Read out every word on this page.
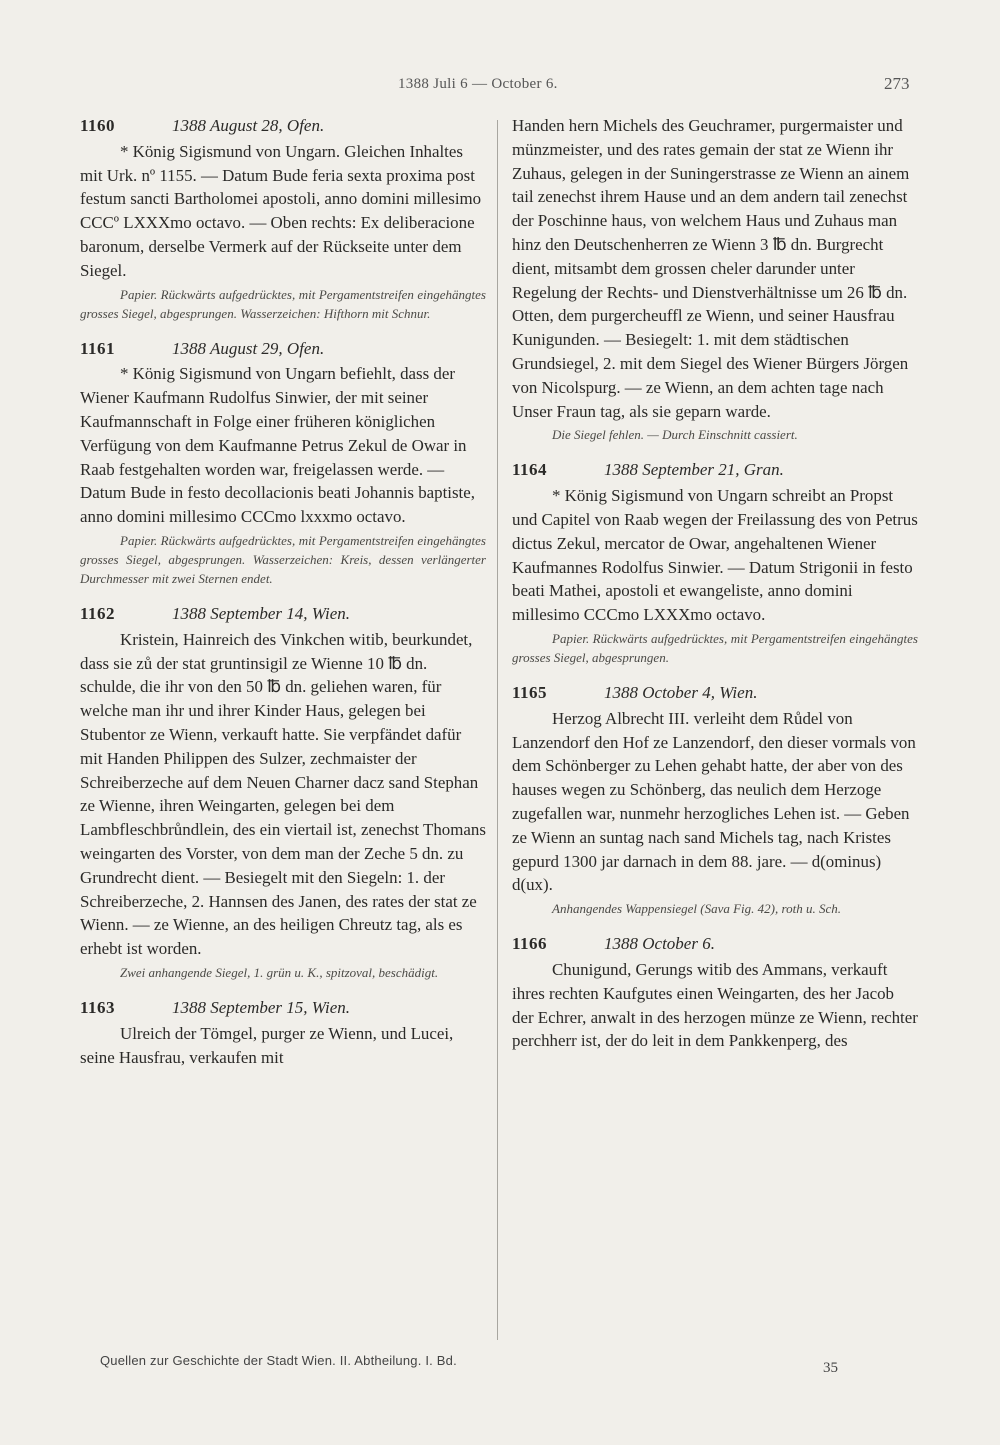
1388 Juli 6 — October 6.	273
1160	1388 August 28, Ofen.
* König Sigismund von Ungarn. Gleichen Inhaltes mit Urk. nº 1155. — Datum Bude feria sexta proxima post festum sancti Bartholomei apostoli, anno domini millesimo CCCº LXXXmo octavo. — Oben rechts: Ex deliberacione baronum, derselbe Vermerk auf der Rückseite unter dem Siegel.
Papier. Rückwärts aufgedrücktes, mit Pergamentstreifen eingehängtes grosses Siegel, abgesprungen. Wasserzeichen: Hifthorn mit Schnur.
1161	1388 August 29, Ofen.
* König Sigismund von Ungarn befiehlt, dass der Wiener Kaufmann Rudolfus Sinwier, der mit seiner Kaufmannschaft in Folge einer früheren königlichen Verfügung von dem Kaufmanne Petrus Zekul de Owar in Raab festgehalten worden war, freigelassen werde. — Datum Bude in festo decollacionis beati Johannis baptiste, anno domini millesimo CCCmo lxxxmo octavo.
Papier. Rückwärts aufgedrücktes, mit Pergamentstreifen eingehängtes grosses Siegel, abgesprungen. Wasserzeichen: Kreis, dessen verlängerter Durchmesser mit zwei Sternen endet.
1162	1388 September 14, Wien.
Kristein, Hainreich des Vinkchen witib, beurkundet, dass sie zů der stat gruntinsigil ze Wienne 10 ℔ dn. schulde, die ihr von den 50 ℔ dn. geliehen waren, für welche man ihr und ihrer Kinder Haus, gelegen bei Stubentor ze Wienn, verkauft hatte. Sie verpfändet dafür mit Handen Philippen des Sulzer, zechmaister der Schreiberzeche auf dem Neuen Charner dacz sand Stephan ze Wienne, ihren Weingarten, gelegen bei dem Lambfleschbrůndlein, des ein viertail ist, zenechst Thomans weingarten des Vorster, von dem man der Zeche 5 dn. zu Grundrecht dient. — Besiegelt mit den Siegeln: 1. der Schreiberzeche, 2. Hannsen des Janen, des rates der stat ze Wienn. — ze Wienne, an des heiligen Chreutz tag, als es erhebt ist worden.
Zwei anhangende Siegel, 1. grün u. K., spitzoval, beschädigt.
1163	1388 September 15, Wien.
Ulreich der Tömgel, purger ze Wienn, und Lucei, seine Hausfrau, verkaufen mit
Handen hern Michels des Geuchramer, purgermaister und münzmeister, und des rates gemain der stat ze Wienn ihr Zuhaus, gelegen in der Suningerstrasse ze Wienn an ainem tail zenechst ihrem Hause und an dem andern tail zenechst der Poschinne haus, von welchem Haus und Zuhaus man hinz den Deutschenherren ze Wienn 3 ℔ dn. Burgrecht dient, mitsambt dem grossen cheler darunder unter Regelung der Rechts- und Dienstverhältnisse um 26 ℔ dn. Otten, dem purgercheuffl ze Wienn, und seiner Hausfrau Kunigunden. — Besiegelt: 1. mit dem städtischen Grundsiegel, 2. mit dem Siegel des Wiener Bürgers Jörgen von Nicolspurg. — ze Wienn, an dem achten tage nach Unser Fraun tag, als sie geparn warde.
Die Siegel fehlen. — Durch Einschnitt cassiert.
1164	1388 September 21, Gran.
* König Sigismund von Ungarn schreibt an Propst und Capitel von Raab wegen der Freilassung des von Petrus dictus Zekul, mercator de Owar, angehaltenen Wiener Kaufmannes Rodolfus Sinwier. — Datum Strigonii in festo beati Mathei, apostoli et ewangeliste, anno domini millesimo CCCmo LXXXmo octavo.
Papier. Rückwärts aufgedrücktes, mit Pergamentstreifen eingehängtes grosses Siegel, abgesprungen.
1165	1388 October 4, Wien.
Herzog Albrecht III. verleiht dem Růdel von Lanzendorf den Hof ze Lanzendorf, den dieser vormals von dem Schönberger zu Lehen gehabt hatte, der aber von des hauses wegen zu Schönberg, das neulich dem Herzoge zugefallen war, nunmehr herzogliches Lehen ist. — Geben ze Wienn an suntag nach sand Michels tag, nach Kristes gepurd 1300 jar darnach in dem 88. jare. — d(ominus) d(ux).
Anhangendes Wappensiegel (Sava Fig. 42), roth u. Sch.
1166	1388 October 6.
Chunigund, Gerungs witib des Ammans, verkauft ihres rechten Kaufgutes einen Weingarten, des her Jacob der Echrer, anwalt in des herzogen münze ze Wienn, rechter perchherr ist, der do leit in dem Pankkenperg, des
Quellen zur Geschichte der Stadt Wien. II. Abtheilung. I. Bd.	35
